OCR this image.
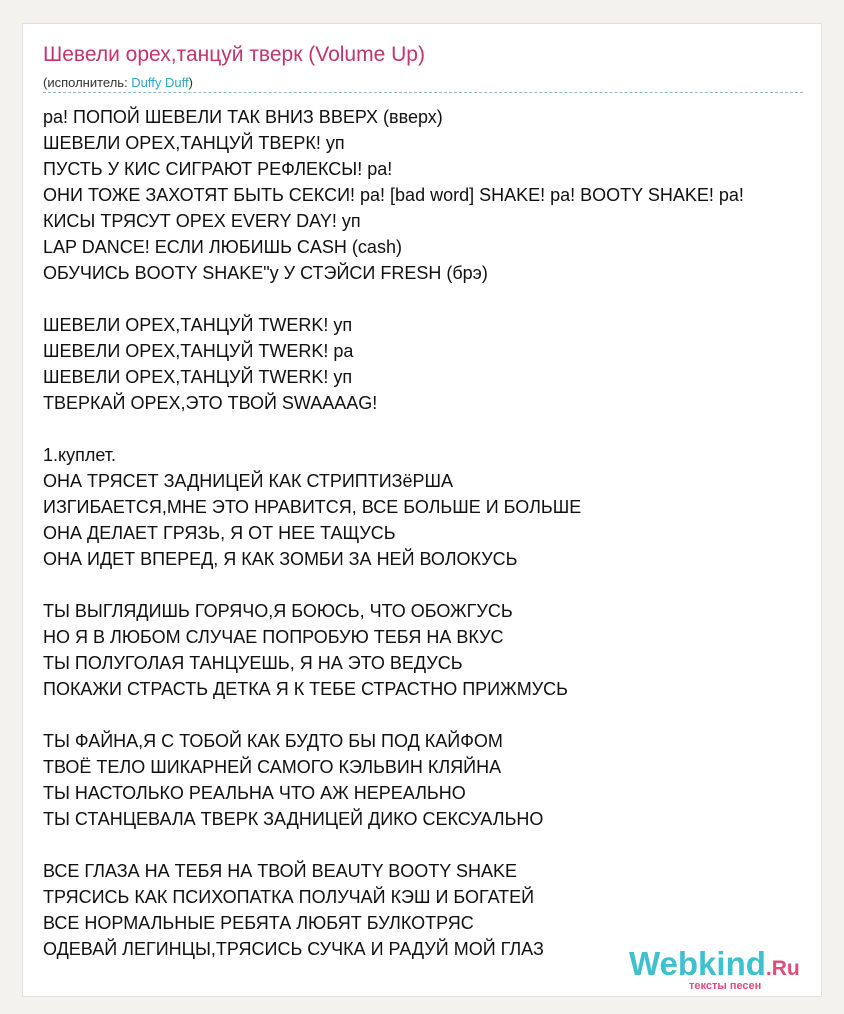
Шевели орех,танцуй тверк (Volume Up)
(исполнитель: Duffy Duff)
ра! ПОПОЙ ШЕВЕЛИ ТАК ВНИЗ ВВЕРХ (вверх)
ШЕВЕЛИ ОРЕХ,ТАНЦУЙ ТВЕРК! уп
ПУСТЬ У КИС СИГРАЮТ РЕФЛЕКСЫ! ра!
ОНИ ТОЖЕ ЗАХОТЯТ БЫТЬ СЕКСИ! ра! [bad word] SHAKE! ра! BOOTY SHAKE! ра!
КИСЫ ТРЯСУТ ОРЕХ EVERY DAY! уп
LAP DANCE! ЕСЛИ ЛЮБИШЬ CASH (cash)
ОБУЧИСЬ BOOTY SHAKE"у У СТЭЙСИ FRESH (брэ)
ШЕВЕЛИ ОРЕХ,ТАНЦУЙ TWERK! уп
ШЕВЕЛИ ОРЕХ,ТАНЦУЙ TWERK! ра
ШЕВЕЛИ ОРЕХ,ТАНЦУЙ TWERK! уп
ТВЕРКАЙ ОРЕХ,ЭТО ТВОЙ SWAAAAG!
1.куплет.
ОНА ТРЯСЕТ ЗАДНИЦЕЙ КАК СТРИПТИЗёРША
ИЗГИБАЕТСЯ,МНЕ ЭТО НРАВИТСЯ, ВСЕ БОЛЬШЕ И БОЛЬШЕ
ОНА ДЕЛАЕТ ГРЯЗЬ, Я ОТ НЕЕ ТАЩУСЬ
ОНА ИДЕТ ВПЕРЕД, Я КАК ЗОМБИ ЗА НЕЙ ВОЛОКУСЬ
ТЫ ВЫГЛЯДИШЬ ГОРЯЧО,Я БОЮСЬ, ЧТО ОБОЖГУСЬ
НО Я В ЛЮБОМ СЛУЧАЕ ПОПРОБУЮ ТЕБЯ НА ВКУС
ТЫ ПОЛУГОЛАЯ ТАНЦУЕШЬ, Я НА ЭТО ВЕДУСЬ
ПОКАЖИ СТРАСТЬ ДЕТКА Я К ТЕБЕ СТРАСТНО ПРИЖМУСЬ
ТЫ ФАЙНА,Я С ТОБОЙ КАК БУДТО БЫ ПОД КАЙФОМ
ТВОЁ ТЕЛО ШИКАРНЕЙ САМОГО КЭЛЬВИН КЛЯЙНА
ТЫ НАСТОЛЬКО РЕАЛЬНА ЧТО АЖ НЕРЕАЛЬНО
ТЫ СТАНЦЕВАЛА ТВЕРК ЗАДНИЦЕЙ ДИКО СЕКСУАЛЬНО
ВСЕ ГЛАЗА НА ТЕБЯ НА ТВОЙ BEAUTY BOOTY SHAKE
ТРЯСИСЬ КАК ПСИХОПАТКА ПОЛУЧАЙ КЭШ И БОГАТЕЙ
ВСЕ НОРМАЛЬНЫЕ РЕБЯТА ЛЮБЯТ БУЛКОТРЯС
ОДЕВАЙ ЛЕГИНЦЫ,ТРЯСИСЬ СУЧКА И РАДУЙ МОЙ ГЛАЗ	Webkind.Ru
тексты песен
